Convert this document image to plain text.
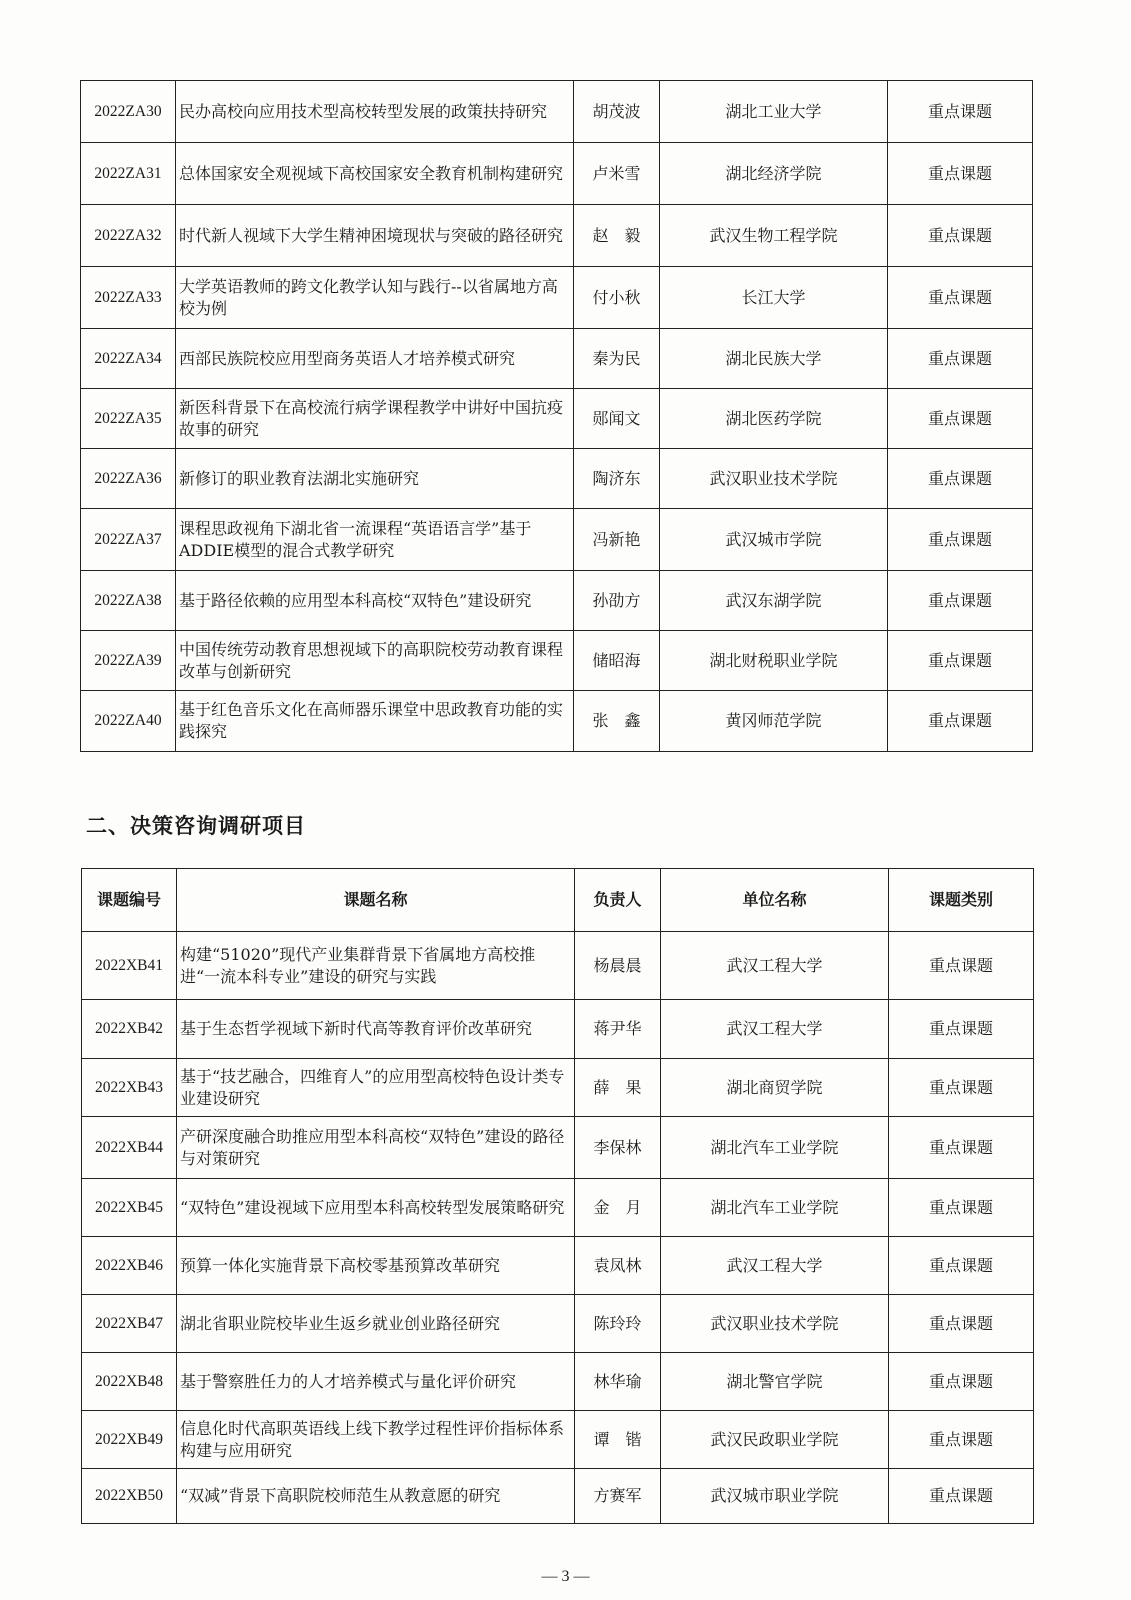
2022ZA30	民办高校向应用技术型高校转型发展的政策扶持研究	胡茂波	湖北工业大学	重点课题
2022ZA31	总体国家安全观视域下高校国家安全教育机制构建研究	卢米雪	湖北经济学院	重点课题
2022ZA32	时代新人视域下大学生精神困境现状与突破的路径研究	赵　毅	武汉生物工程学院	重点课题
2022ZA33	大学英语教师的跨文化教学认知与践行--以省属地方高校为例	付小秋	长江大学	重点课题
2022ZA34	西部民族院校应用型商务英语人才培养模式研究	秦为民	湖北民族大学	重点课题
2022ZA35	新医科背景下在高校流行病学课程教学中讲好中国抗疫故事的研究	郧闻文	湖北医药学院	重点课题
2022ZA36	新修订的职业教育法湖北实施研究	陶济东	武汉职业技术学院	重点课题
2022ZA37	课程思政视角下湖北省一流课程“英语语言学”基于ADDIE模型的混合式教学研究	冯新艳	武汉城市学院	重点课题
2022ZA38	基于路径依赖的应用型本科高校“双特色”建设研究	孙劭方	武汉东湖学院	重点课题
2022ZA39	中国传统劳动教育思想视域下的高职院校劳动教育课程改革与创新研究	储昭海	湖北财税职业学院	重点课题
2022ZA40	基于红色音乐文化在高师器乐课堂中思政教育功能的实践探究	张　鑫	黄冈师范学院	重点课题
二、决策咨询调研项目
课题编号	课题名称	负责人	单位名称	课题类别
2022XB41	构建“51020”现代产业集群背景下省属地方高校推进“一流本科专业”建设的研究与实践	杨晨晨	武汉工程大学	重点课题
2022XB42	基于生态哲学视域下新时代高等教育评价改革研究	蒋尹华	武汉工程大学	重点课题
2022XB43	基于“技艺融合，四维育人”的应用型高校特色设计类专业建设研究	薛　果	湖北商贸学院	重点课题
2022XB44	产研深度融合助推应用型本科高校“双特色”建设的路径与对策研究	李保林	湖北汽车工业学院	重点课题
2022XB45	“双特色”建设视域下应用型本科高校转型发展策略研究	金　月	湖北汽车工业学院	重点课题
2022XB46	预算一体化实施背景下高校零基预算改革研究	袁凤林	武汉工程大学	重点课题
2022XB47	湖北省职业院校毕业生返乡就业创业路径研究	陈玲玲	武汉职业技术学院	重点课题
2022XB48	基于警察胜任力的人才培养模式与量化评价研究	林华瑜	湖北警官学院	重点课题
2022XB49	信息化时代高职英语线上线下教学过程性评价指标体系构建与应用研究	谭　锴	武汉民政职业学院	重点课题
2022XB50	“双减”背景下高职院校师范生从教意愿的研究	方赛军	武汉城市职业学院	重点课题
— 3 —
